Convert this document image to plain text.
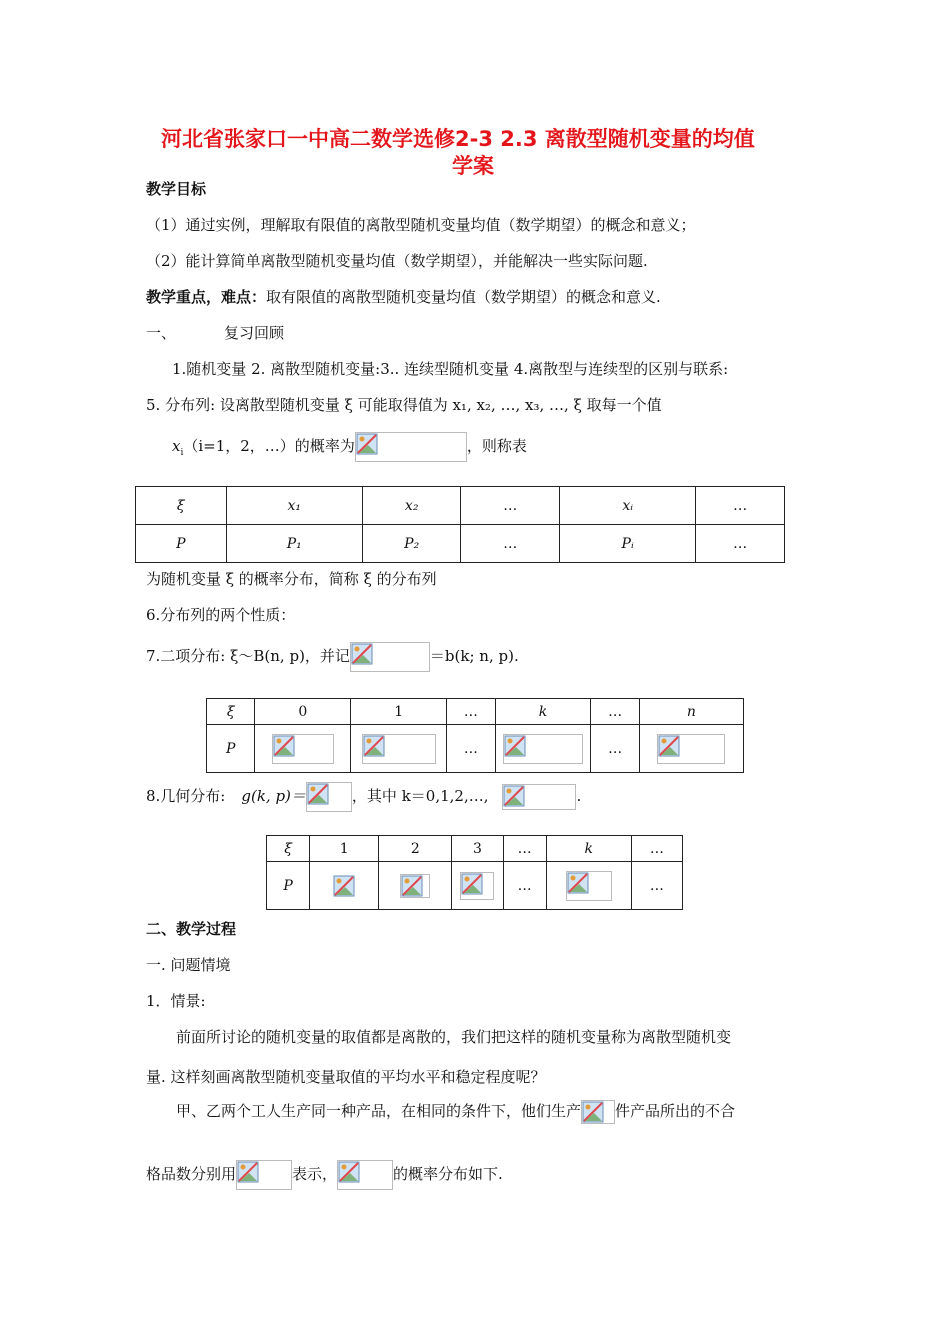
河北省张家口一中高二数学选修2-3 2.3 离散型随机变量的均值
学案
教学目标
（1）通过实例，理解取有限值的离散型随机变量均值（数学期望）的概念和意义；
（2）能计算简单离散型随机变量均值（数学期望），并能解决一些实际问题.
教学重点，难点：取有限值的离散型随机变量均值（数学期望）的概念和意义.
一、	复习回顾
1.随机变量 2. 离散型随机变量:3.. 连续型随机变量 4.离散型与连续型的区别与联系:
5. 分布列: 设离散型随机变量 ξ 可能取得值为 x₁, x₂, …, x₃, …, ξ 取每一个值
$x_i(i=1$，2，…）的概率为	，则称表
ξ	x₁	x₂	…	xᵢ	…
P	P₁	P₂	…	Pᵢ	…
为随机变量 ξ 的概率分布，简称 ξ 的分布列
6.分布列的两个性质：
7.二项分布: ξ～B(n, p)，并记	＝b(k; n, p).
ξ	0	1	…	k	…	n
P			…		…	
8.几何分布: g(k, p)＝	，其中 k＝0,1,2,…,	.
ξ	1	2	3	…	k	…
P				…		…
二、教学过程
一. 问题情境
1．情景:
前面所讨论的随机变量的取值都是离散的，我们把这样的随机变量称为离散型随机变
量. 这样刻画离散型随机变量取值的平均水平和稳定程度呢？
甲、乙两个工人生产同一种产品，在相同的条件下，他们生产 件产品所出的不合
格品数分别用	表示，	的概率分布如下.
